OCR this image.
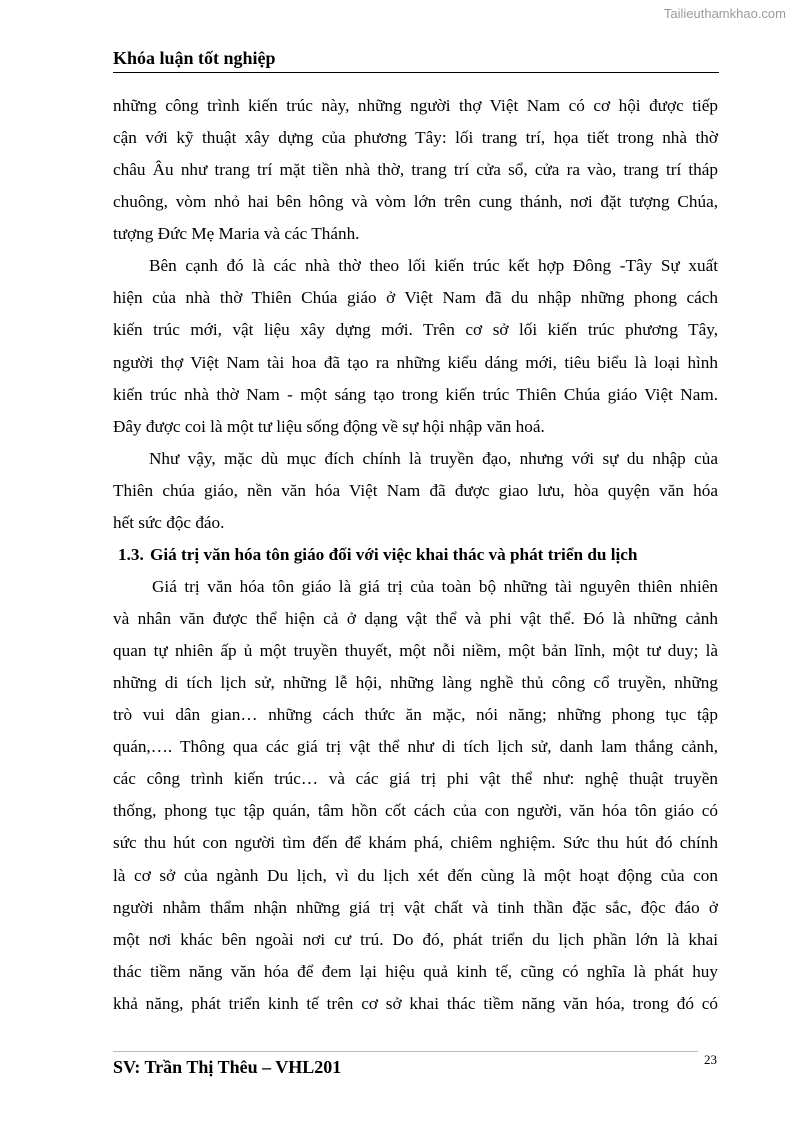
Tailieuthamkhao.com
Khóa luận tốt nghiệp
những công trình kiến trúc này, những người thợ Việt Nam có cơ hội được tiếp
cận với kỹ thuật xây dựng của phương Tây: lối trang trí, họa tiết trong nhà thờ
châu Âu như trang trí mặt tiền nhà thờ, trang trí cửa sổ, cửa ra vào, trang trí tháp
chuông, vòm nhỏ hai bên hông và vòm lớn trên cung thánh, nơi đặt tượng Chúa,
tượng Đức Mẹ Maria và các Thánh.
Bên cạnh đó là các nhà thờ theo lối kiến trúc kết hợp Đông -Tây Sự xuất
hiện của nhà thờ Thiên Chúa giáo ở Việt Nam đã du nhập những phong cách
kiến trúc mới, vật liệu xây dựng mới. Trên cơ sở lối kiến trúc phương Tây,
người thợ Việt Nam tài hoa đã tạo ra những kiểu dáng mới, tiêu biểu là loại hình
kiến trúc nhà thờ Nam - một sáng tạo trong kiến trúc Thiên Chúa giáo Việt Nam.
Đây được coi là một tư liệu sống động về sự hội nhập văn hoá.
Như vậy, mặc dù mục đích chính là truyền đạo, nhưng với sự du nhập của
Thiên chúa giáo, nền văn hóa Việt Nam đã được giao lưu, hòa quyện văn hóa
hết sức độc đáo.
1.3. Giá trị văn hóa tôn giáo đối với việc khai thác và phát triển du lịch
Giá trị văn hóa tôn giáo là giá trị của toàn bộ những tài nguyên thiên nhiên
và nhân văn được thể hiện cả ở dạng vật thể và phi vật thể. Đó là những cảnh
quan tự nhiên ấp ủ một truyền thuyết, một nỗi niềm, một bản lĩnh, một tư duy; là
những di tích lịch sử, những lễ hội, những làng nghề thủ công cổ truyền, những
trò vui dân gian… những cách thức ăn mặc, nói năng; những phong tục tập
quán,…. Thông qua các giá trị vật thể như di tích lịch sử, danh lam thắng cảnh,
các công trình kiến trúc… và các giá trị phi vật thể như: nghệ thuật truyền
thống, phong tục tập quán, tâm hồn cốt cách của con người, văn hóa tôn giáo có
sức thu hút con người tìm đến để khám phá, chiêm nghiệm. Sức thu hút đó chính
là cơ sở của ngành Du lịch, vì du lịch xét đến cùng là một hoạt động của con
người nhằm thẩm nhận những giá trị vật chất và tinh thần đặc sắc, độc đáo ở
một nơi khác bên ngoài nơi cư trú. Do đó, phát triển du lịch phần lớn là khai
thác tiềm năng văn hóa để đem lại hiệu quả kinh tế, cũng có nghĩa là phát huy
khả năng, phát triển kinh tế trên cơ sở khai thác tiềm năng văn hóa, trong đó có
SV: Trần Thị Thêu – VHL201	23
